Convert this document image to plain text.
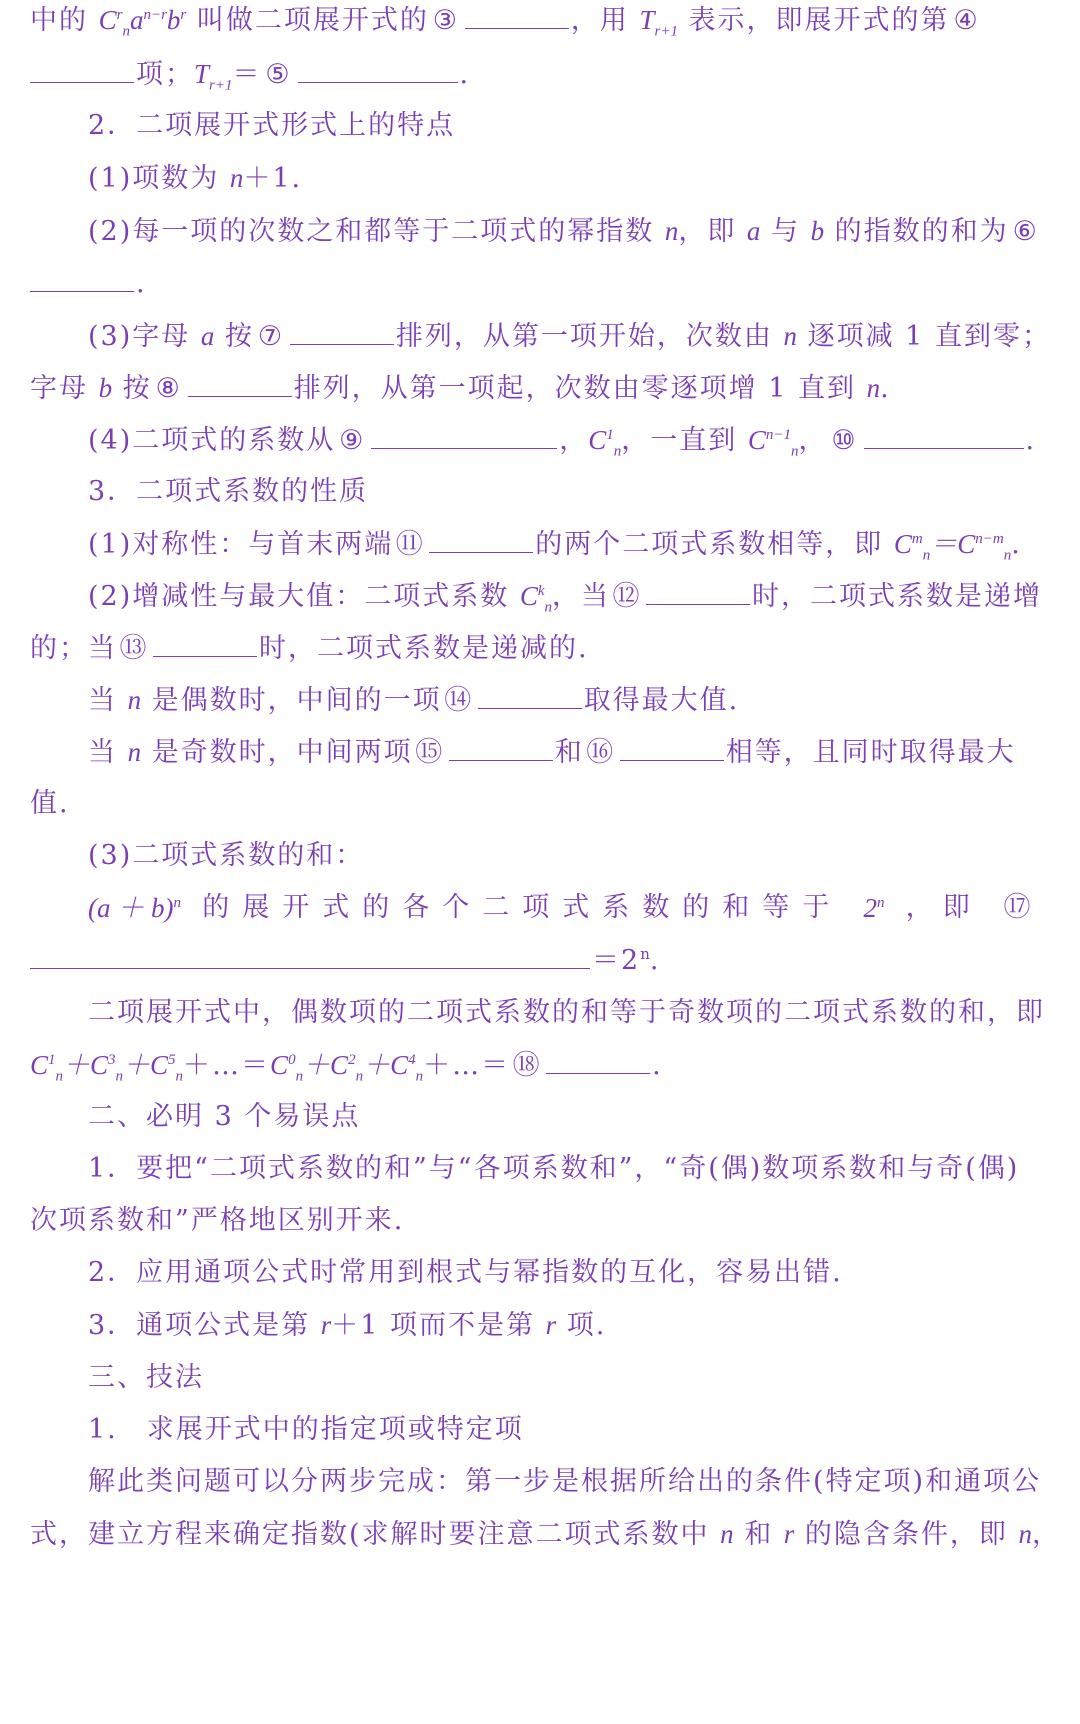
中的 $C^r_na^{n-r}b^r$ 叫做二项展开式的 ③	，用 $T_{r+1}$ 表示，即展开式的第 ④
项；$T_{r+1}=$ ⑤	.
2．二项展开式形式上的特点
(1)项数为 n＋1.
(2)每一项的次数之和都等于二项式的幂指数 n，即 a 与 b 的指数的和为 ⑥
.
(3)字母 a 按 ⑦	排列，从第一项开始，次数由 n 逐项减 1 直到零；
字母 b 按 ⑧	排列，从第一项起，次数由零逐项增 1 直到 n.
(4)二项式的系数从 ⑨	，$C^1_n$，一直到 $C^{n-1}_n$， ⑩	.
3．二项式系数的性质
(1)对称性：与首末两端⑪	的两个二项式系数相等，即 $C^m_n=C^{n-m}_n$.
(2)增减性与最大值：二项式系数 $C^k_n$，当⑫	时，二项式系数是递增
的；当⑬	时，二项式系数是递减的.
当 n 是偶数时，中间的一项⑭	取得最大值.
当 n 是奇数时，中间两项⑮	和⑯	相等，且同时取得最大
值.
(3)二项式系数的和：
$(a + b)^n$ 的展开式的各个二项式系数的和等于 2$^n$ ，即 ⑰
$=2^n$.
二项展开式中，偶数项的二项式系数的和等于奇数项的二项式系数的和，即
$C^1_n+C^3_n+C^5_n+\dots=C^0_n+C^2_n+C^4_n+\dots=⑱$	.
二、必明 3 个易误点
1．要把“二项式系数的和”与“各项系数和”，“奇(偶)数项系数和与奇(偶)
次项系数和”严格地区别开来.
2．应用通项公式时常用到根式与幂指数的互化，容易出错.
3．通项公式是第 r＋1 项而不是第 r 项.
三、技法
1.　求展开式中的指定项或特定项
解此类问题可以分两步完成：第一步是根据所给出的条件(特定项)和通项公
式，建立方程来确定指数(求解时要注意二项式系数中 n 和 r 的隐含条件，即 n，
